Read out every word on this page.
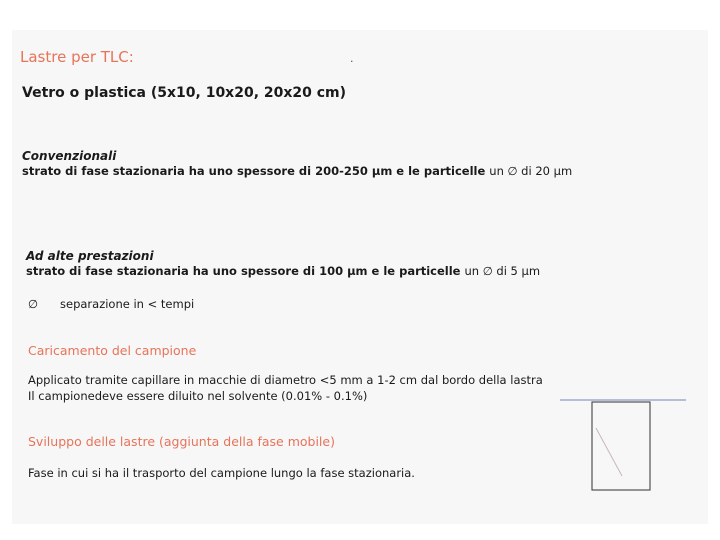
Lastre per TLC:	.
Vetro o plastica (5x10, 10x20, 20x20 cm)
Convenzionali
strato di fase stazionaria ha uno spessore di 200-250 μm e le particelle un ∅ di 20 μm
Ad alte prestazioni
strato di fase stazionaria ha uno spessore di 100 μm e le particelle un ∅ di 5 μm
∅ separazione in < tempi
Caricamento del campione
Applicato tramite capillare in macchie di diametro <5 mm a 1-2 cm dal bordo della lastra
Il campionedeve essere diluito nel solvente (0.01% - 0.1%)
Sviluppo delle lastre (aggiunta della fase mobile)
Fase in cui si ha il trasporto del campione lungo la fase stazionaria.
